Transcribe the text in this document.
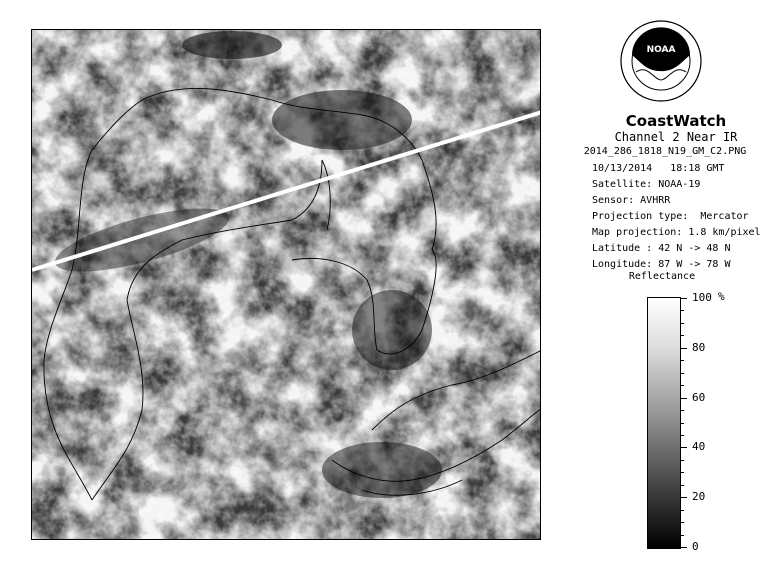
NOAA
CoastWatch
Channel 2 Near IR
2014_286_1818_N19_GM_C2.PNG
10/13/2014   18:18 GMT
Satellite: NOAA-19
Sensor: AVHRR
Projection type:  Mercator
Map projection: 1.8 km/pixel
Latitude : 42 N -> 48 N
Longitude: 87 W -> 78 W
Reflectance
%
100
80
60
40
20
0
